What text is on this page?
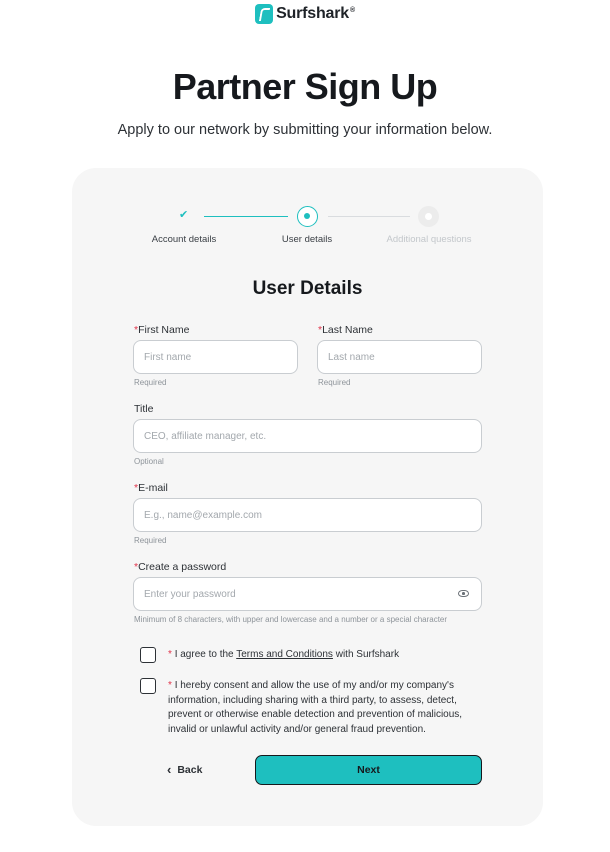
Surfshark®
Partner Sign Up

Apply to our network by submitting your information below.

✔
Account details	User details	Additional questions
User Details
*First Name
First name
Required
*Last Name
Last name
Required
Title
CEO, affiliate manager, etc.
Optional
*E-mail
E.g., name@example.com
Required
*Create a password
Minimum of 8 characters, with upper and lowercase and a number or a special character
* I agree to the Terms and Conditions with Surfshark
* I hereby consent and allow the use of my and/or my company's
information, including sharing with a third party, to assess, detect,
prevent or otherwise enable detection and prevention of malicious,
invalid or unlawful activity and/or general fraud prevention.
‹ Back	Next
